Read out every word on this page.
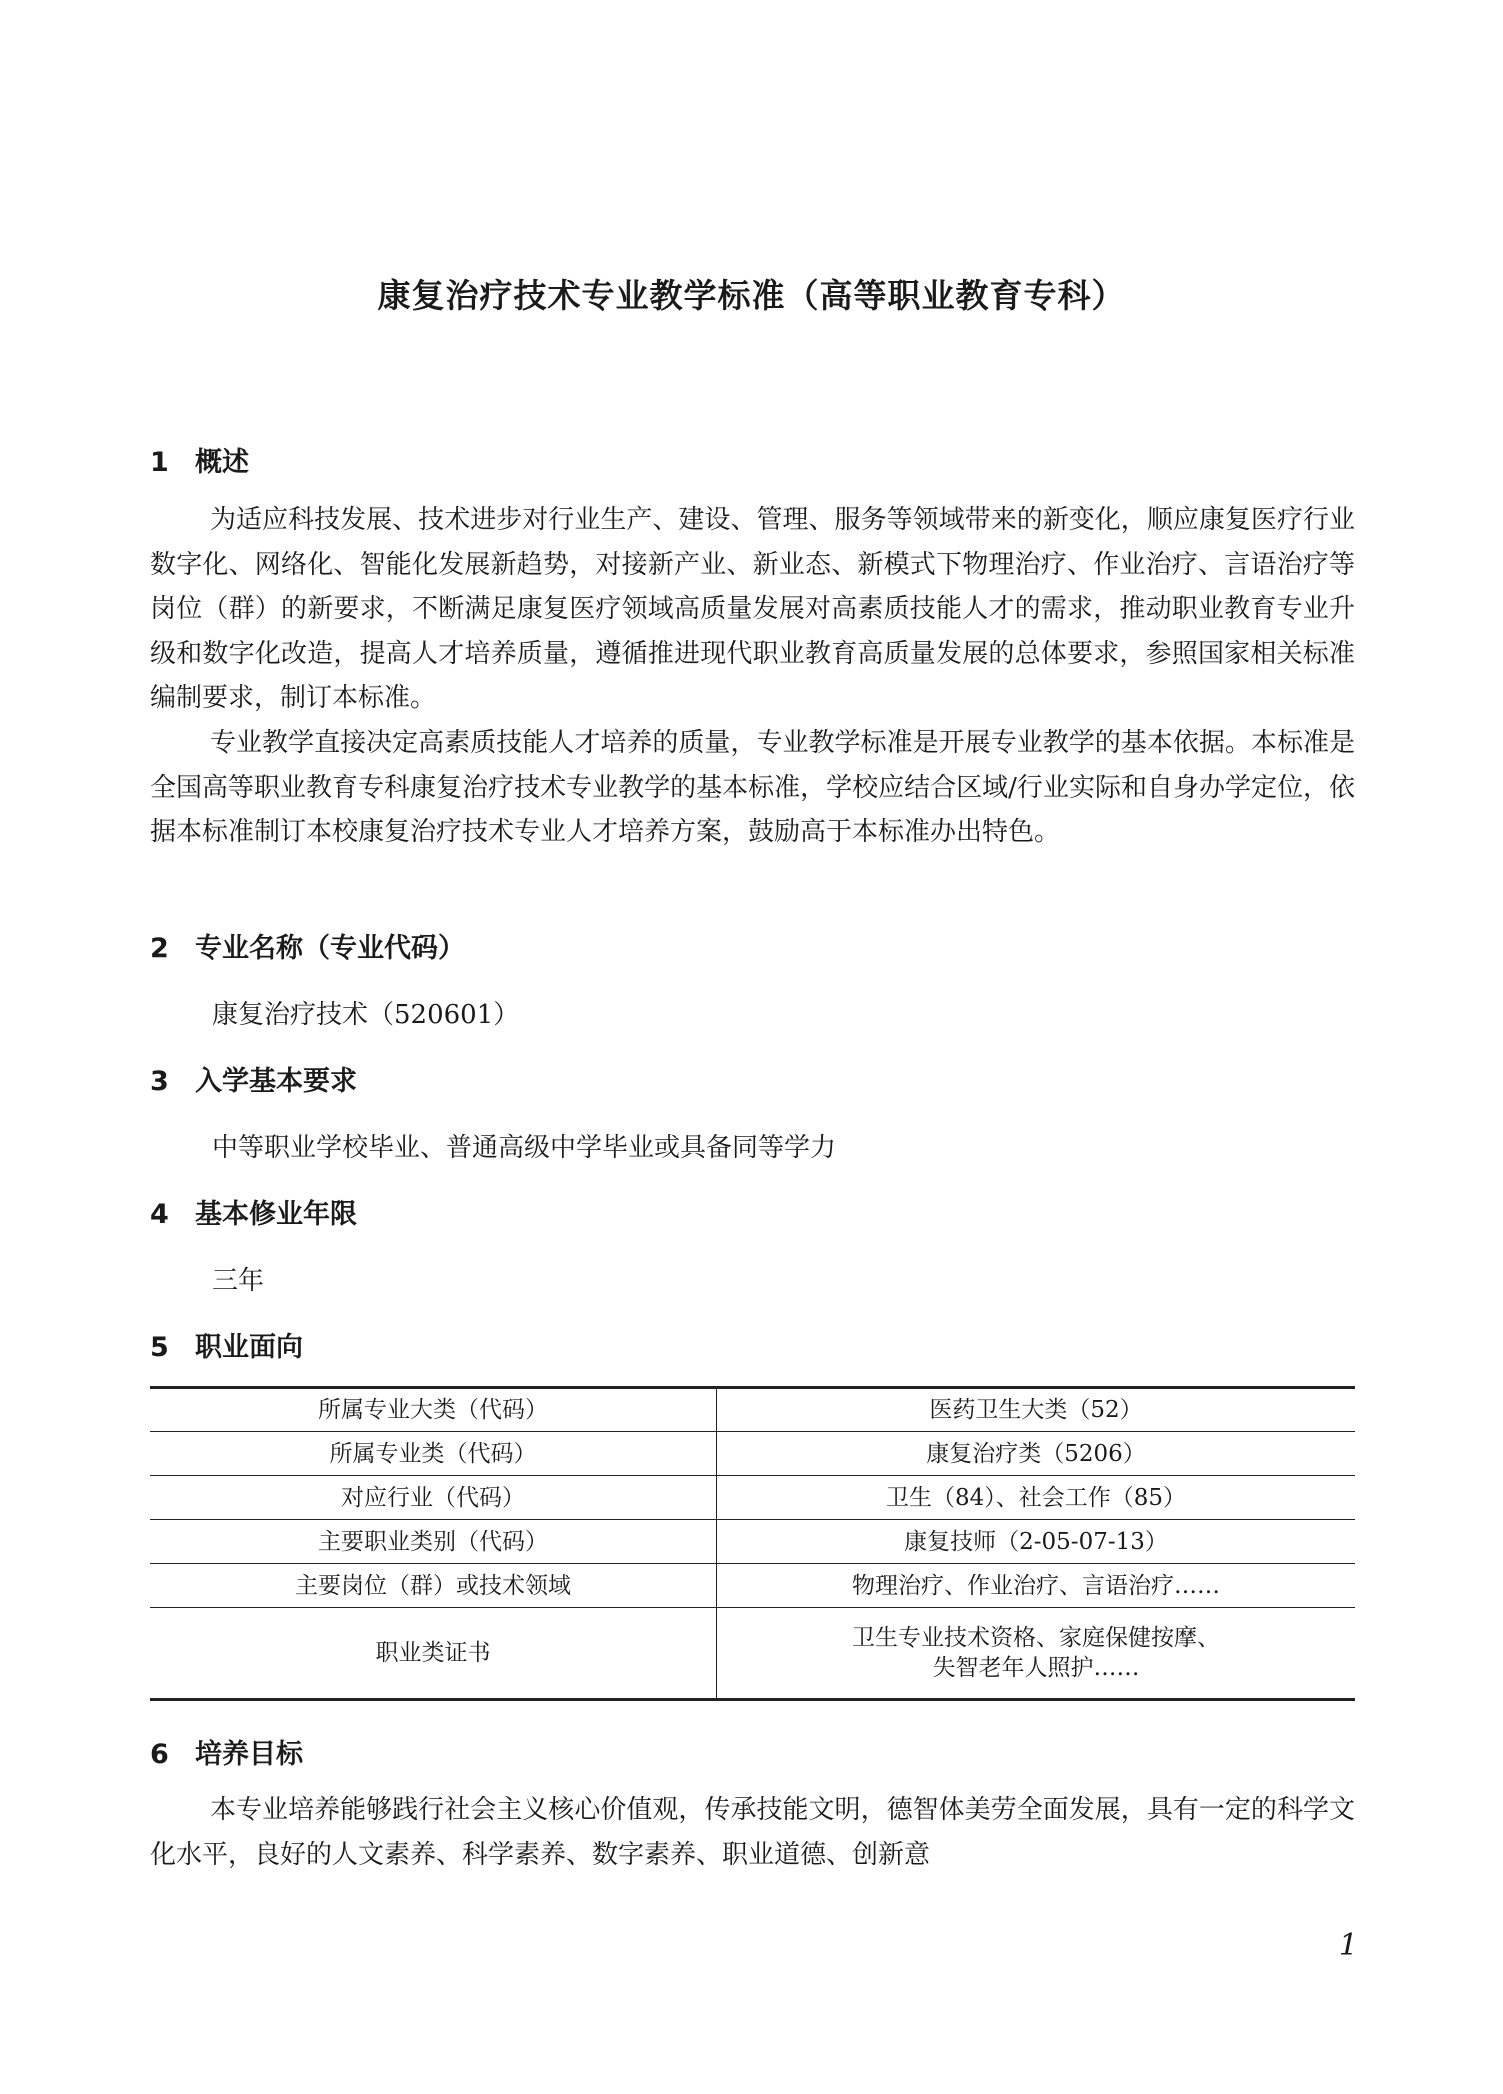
康复治疗技术专业教学标准（高等职业教育专科）
1 概述

为适应科技发展、技术进步对行业生产、建设、管理、服务等领域带来的新变化，顺应康复医疗行业数字化、网络化、智能化发展新趋势，对接新产业、新业态、新模式下物理治疗、作业治疗、言语治疗等岗位（群）的新要求，不断满足康复医疗领域高质量发展对高素质技能人才的需求，推动职业教育专业升级和数字化改造，提高人才培养质量，遵循推进现代职业教育高质量发展的总体要求，参照国家相关标准编制要求，制订本标准。

专业教学直接决定高素质技能人才培养的质量，专业教学标准是开展专业教学的基本依据。本标准是全国高等职业教育专科康复治疗技术专业教学的基本标准，学校应结合区域/行业实际和自身办学定位，依据本标准制订本校康复治疗技术专业人才培养方案，鼓励高于本标准办出特色。

2 专业名称（专业代码）

康复治疗技术（520601）

3 入学基本要求

中等职业学校毕业、普通高级中学毕业或具备同等学力

4 基本修业年限

三年

5 职业面向
所属专业大类（代码）	医药卫生大类（52）
所属专业类（代码）	康复治疗类（5206）
对应行业（代码）	卫生（84）、社会工作（85）
主要职业类别（代码）	康复技师（2-05-07-13）
主要岗位（群）或技术领域	物理治疗、作业治疗、言语治疗……
职业类证书	卫生专业技术资格、家庭保健按摩、
失智老年人照护……
6 培养目标

本专业培养能够践行社会主义核心价值观，传承技能文明，德智体美劳全面发展，具有一定的科学文化水平，良好的人文素养、科学素养、数字素养、职业道德、创新意

1
